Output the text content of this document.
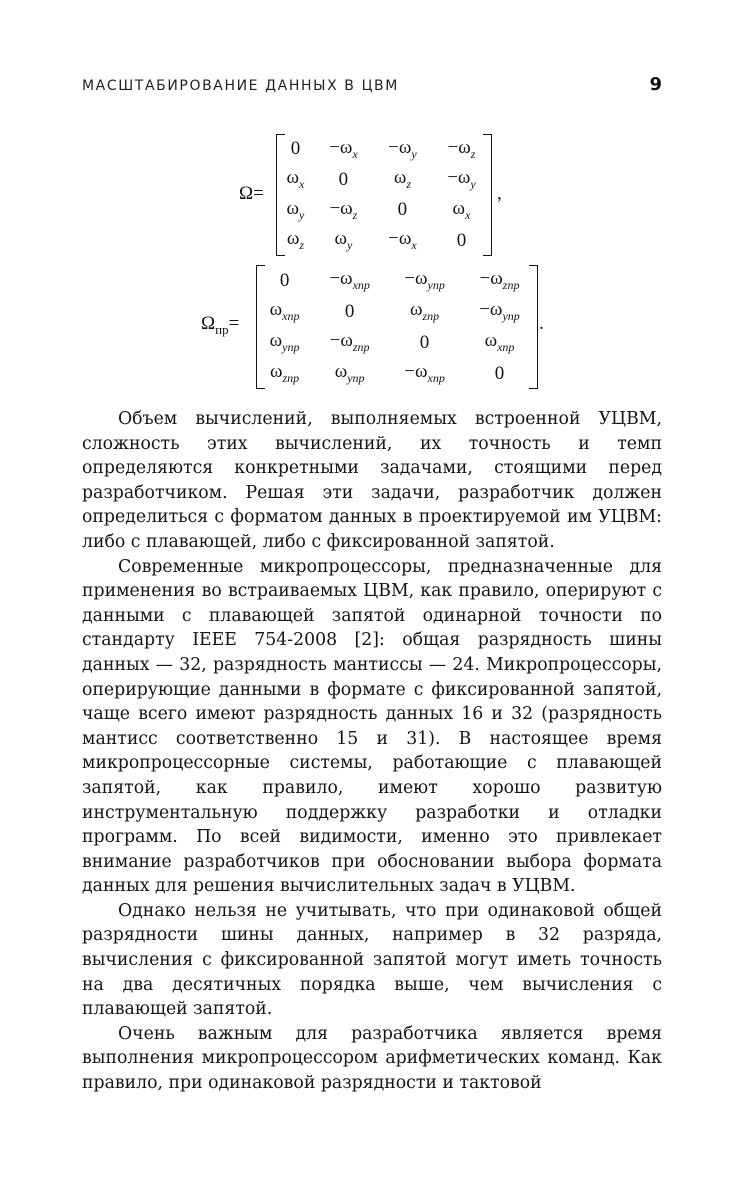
МАСШТАБИРОВАНИЕ ДАННЫХ В ЦВМ	9
Ω=
0	$-\omega_x$	$-\omega_y$	$-\omega_z$
$\omega_x$	0	$\omega_z$	$-\omega_y$
$\omega_y$	$-\omega_z$	0	$\omega_x$
$\omega_z$	$\omega_y$	$-\omega_x$	0
,
$\Omega_{пр}=$
0	$-\omega_{xпр}$	$-\omega_{yпр}$	$-\omega_{zпр}$
$\omega_{xпр}$	0	$\omega_{zпр}$	$-\omega_{yпр}$
$\omega_{yпр}$	$-\omega_{zпр}$	0	$\omega_{xпр}$
$\omega_{zпр}$	$\omega_{yпр}$	$-\omega_{xпр}$	0
.

Объем вычислений, выполняемых встроенной УЦВМ, сложность этих вычислений, их точность и темп определяются конкретными задачами, стоящими перед разработчиком. Решая эти задачи, разработчик должен определиться с форматом данных в проектируемой им УЦВМ: либо с плавающей, либо с фиксированной запятой.

Современные микропроцессоры, предназначенные для применения во встраиваемых ЦВМ, как правило, оперируют с данными с плавающей запятой одинарной точности по стандарту IEEE 754-2008 [2]: общая разрядность шины данных — 32, разрядность мантиссы — 24. Микропроцессоры, оперирующие данными в формате с фиксированной запятой, чаще всего имеют разрядность данных 16 и 32 (разрядность мантисс соответственно 15 и 31). В настоящее время микропроцессорные системы, работающие с плавающей запятой, как правило, имеют хорошо развитую инструментальную поддержку разработки и отладки программ. По всей видимости, именно это привлекает внимание разработчиков при обосновании выбора формата данных для решения вычислительных задач в УЦВМ.

Однако нельзя не учитывать, что при одинаковой общей разрядности шины данных, например в 32 разряда, вычисления с фиксированной запятой могут иметь точность на два десятичных порядка выше, чем вычисления с плавающей запятой.

Очень важным для разработчика является время выполнения микропроцессором арифметических команд. Как правило, при одинаковой разрядности и тактовой
